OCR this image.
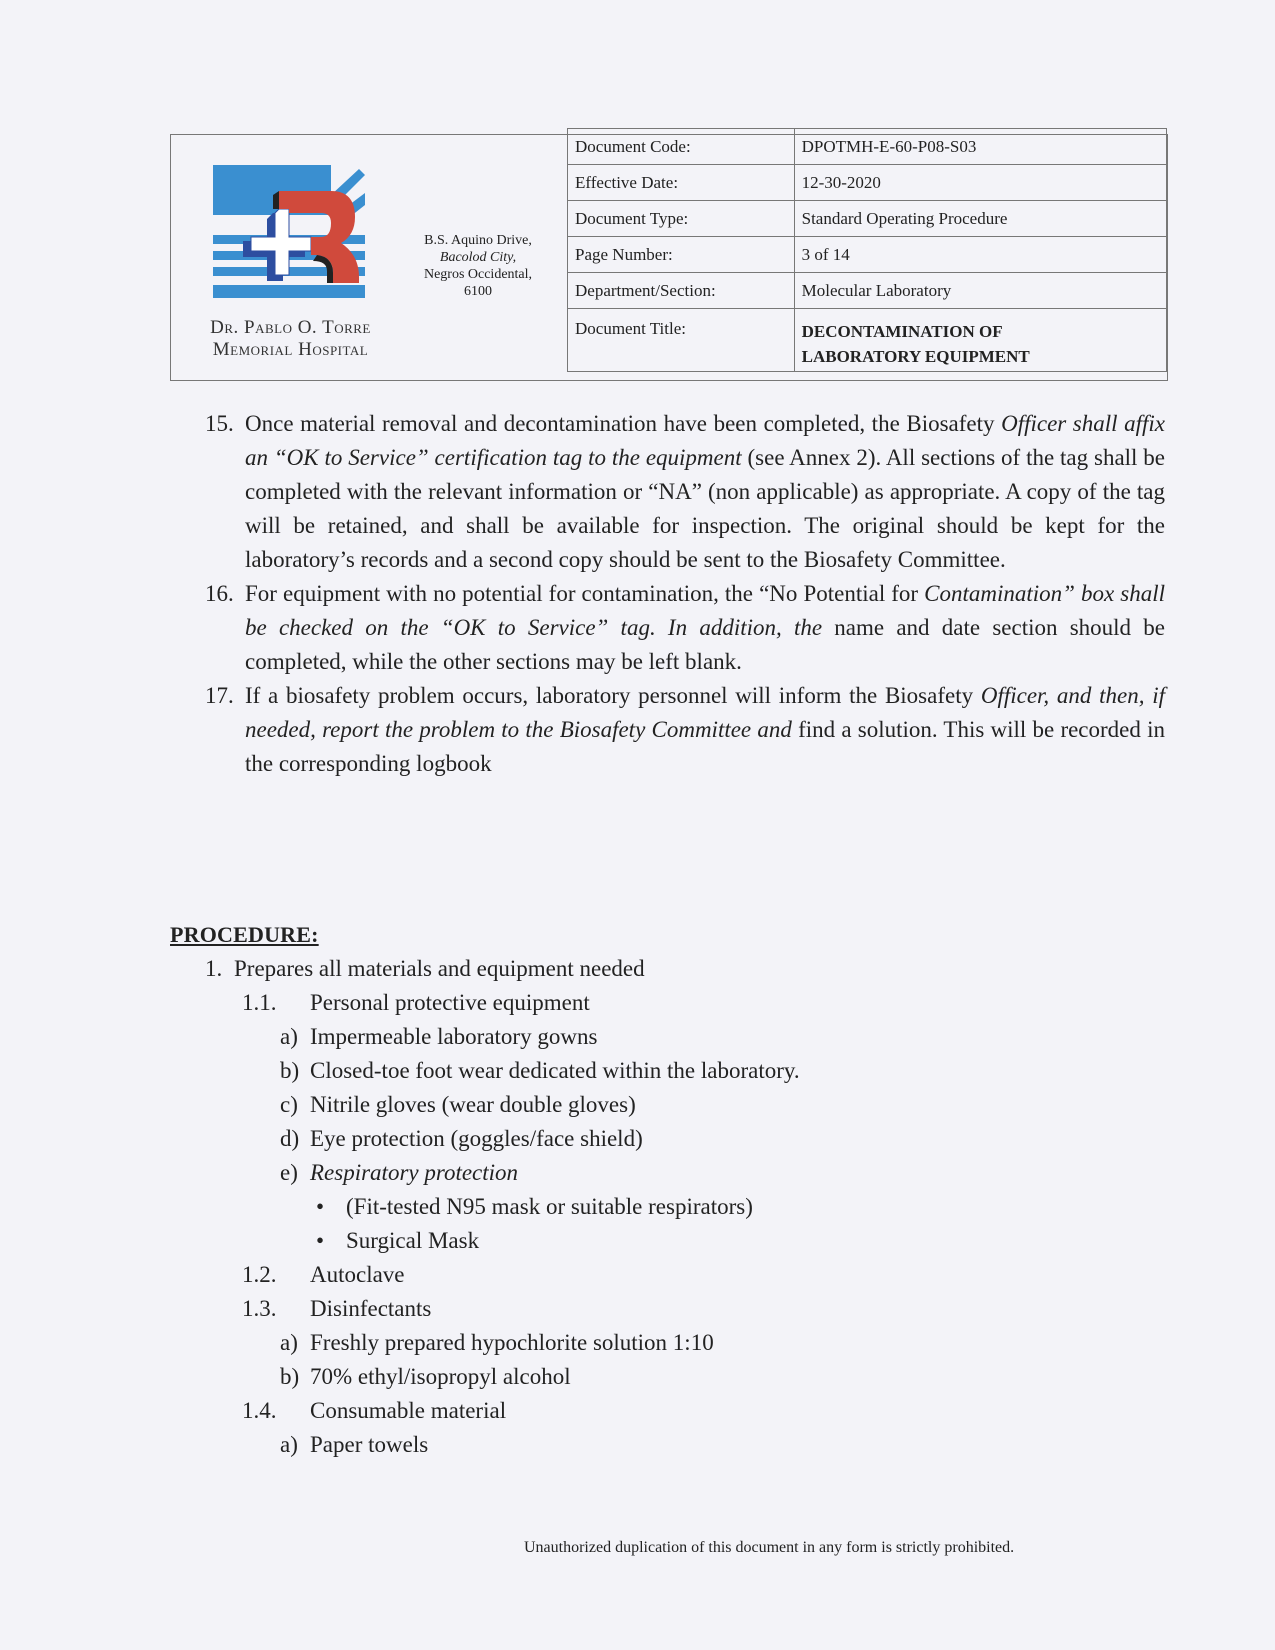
Dr. Pablo O. Torre
Memorial Hospital
B.S. Aquino Drive,
Bacolod City,
Negros Occidental,
6100
Document Code:	DPOTMH-E-60-P08-S03
Effective Date:	12-30-2020
Document Type:	Standard Operating Procedure
Page Number:	3 of 14
Department/Section:	Molecular Laboratory
Document Title:	DECONTAMINATION OF
LABORATORY EQUIPMENT

15. Once material removal and decontamination have been completed, the Biosafety Officer shall affix an “OK to Service” certification tag to the equipment (see Annex 2). All sections of the tag shall be completed with the relevant information or “NA” (non applicable) as appropriate. A copy of the tag will be retained, and shall be available for inspection. The original should be kept for the laboratory’s records and a second copy should be sent to the Biosafety Committee.

16. For equipment with no potential for contamination, the “No Potential for Contamination” box shall be checked on the “OK to Service” tag. In addition, the name and date section should be completed, while the other sections may be left blank.

17. If a biosafety problem occurs, laboratory personnel will inform the Biosafety Officer, and then, if needed, report the problem to the Biosafety Committee and find a solution. This will be recorded in the corresponding logbook

PROCEDURE:
1. Prepares all materials and equipment needed
1.1. Personal protective equipment
a) Impermeable laboratory gowns
b) Closed-toe foot wear dedicated within the laboratory.
c) Nitrile gloves (wear double gloves)
d) Eye protection (goggles/face shield)
e) Respiratory protection
• (Fit-tested N95 mask or suitable respirators)
• Surgical Mask
1.2. Autoclave
1.3. Disinfectants
a) Freshly prepared hypochlorite solution 1:10
b) 70% ethyl/isopropyl alcohol
1.4. Consumable material
a) Paper towels
Unauthorized duplication of this document in any form is strictly prohibited.
